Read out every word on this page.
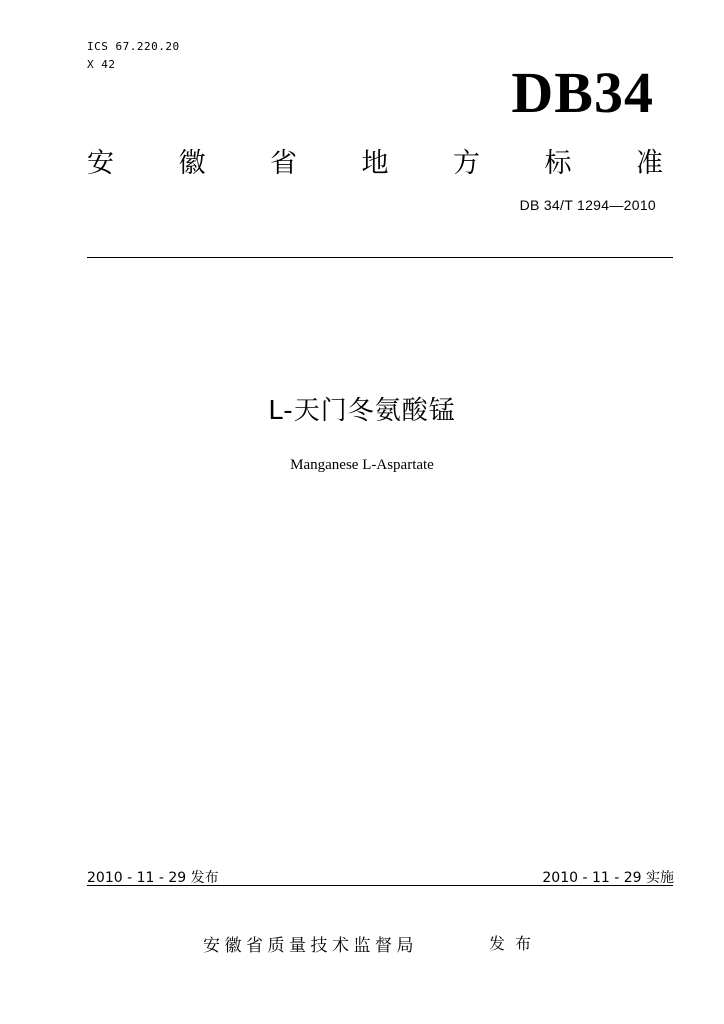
ICS 67.220.20
X 42	DB34
安 徽 省 地 方 标 准
DB 34/T 1294—2010
L-天门冬氨酸锰
Manganese L-Aspartate
2010 - 11 - 29 发布	2010 - 11 - 29 实施
安徽省质量技术监督局	发布
